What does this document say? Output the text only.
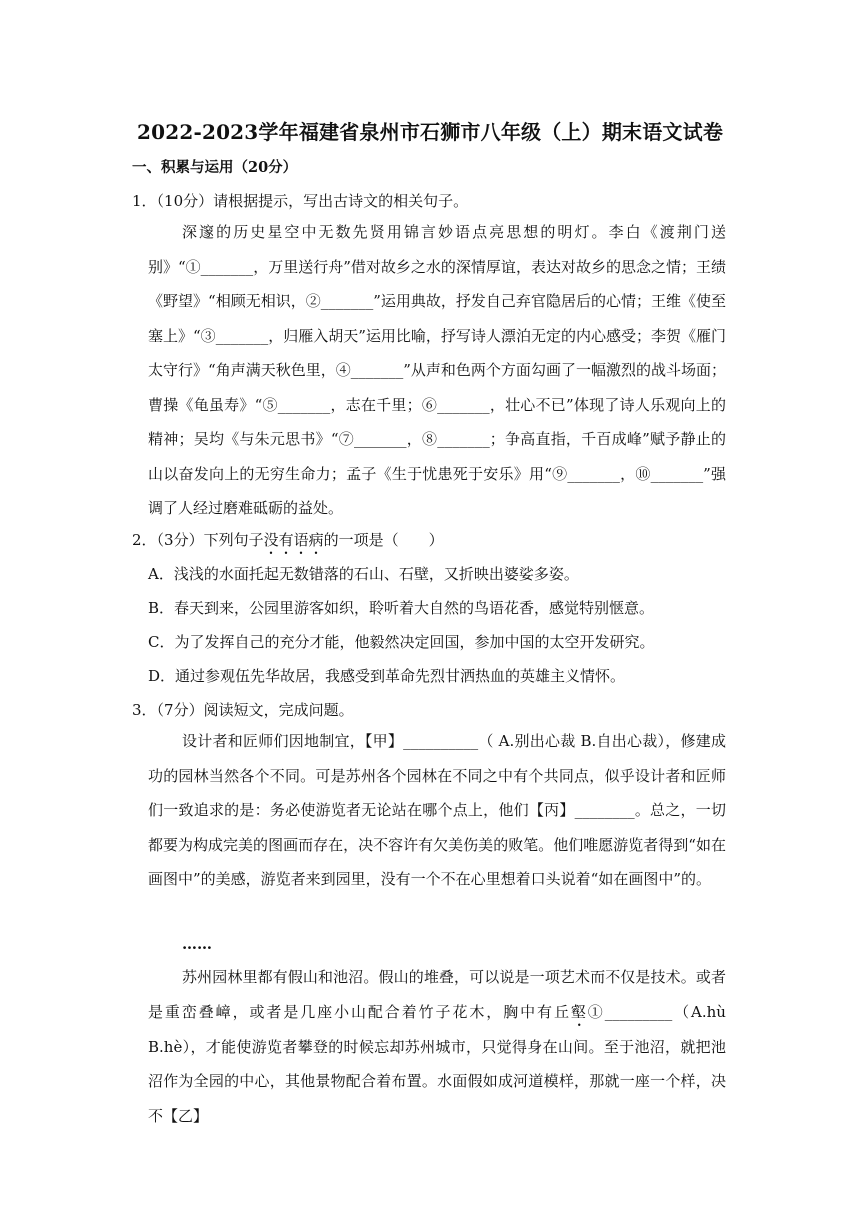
2022-2023学年福建省泉州市石狮市八年级（上）期末语文试卷
一、积累与运用（20分）
1．（10分）请根据提示，写出古诗文的相关句子。
深邃的历史星空中无数先贤用锦言妙语点亮思想的明灯。李白《渡荆门送别》“①_______，万里送行舟”借对故乡之水的深情厚谊，表达对故乡的思念之情；王绩《野望》“相顾无相识，②_______”运用典故，抒发自己弃官隐居后的心情；王维《使至塞上》“③_______，归雁入胡天”运用比喻，抒写诗人漂泊无定的内心感受；李贺《雁门太守行》“角声满天秋色里，④_______”从声和色两个方面勾画了一幅激烈的战斗场面；曹操《龟虽寿》“⑤_______，志在千里；⑥_______，壮心不已”体现了诗人乐观向上的精神；吴均《与朱元思书》“⑦_______，⑧_______；争高直指，千百成峰”赋予静止的山以奋发向上的无穷生命力；孟子《生于忧患死于安乐》用“⑨_______，⑩_______”强调了人经过磨难砥砺的益处。
2．（3分）下列句子没有语病的一项是（　　）
A．浅浅的水面托起无数错落的石山、石壁，又折映出婆娑多姿。
B．春天到来，公园里游客如织，聆听着大自然的鸟语花香，感觉特别惬意。
C．为了发挥自己的充分才能，他毅然决定回国，参加中国的太空开发研究。
D．通过参观伍先华故居，我感受到革命先烈甘洒热血的英雄主义情怀。
3．（7分）阅读短文，完成问题。
设计者和匠师们因地制宜，【甲】__________（ A.别出心裁 B.自出心裁），修建成功的园林当然各个不同。可是苏州各个园林在不同之中有个共同点，似乎设计者和匠师们一致追求的是：务必使游览者无论站在哪个点上，他们【丙】________。总之，一切都要为构成完美的图画而存在，决不容许有欠美伤美的败笔。他们唯愿游览者得到“如在画图中”的美感，游览者来到园里，没有一个不在心里想着口头说着“如在画图中”的。
……
苏州园林里都有假山和池沼。假山的堆叠，可以说是一项艺术而不仅是技术。或者是重峦叠嶂，或者是几座小山配合着竹子花木，胸中有丘壑①_________（A.hù B.hè），才能使游览者攀登的时候忘却苏州城市，只觉得身在山间。至于池沼，就把池沼作为全园的中心，其他景物配合着布置。水面假如成河道模样，那就一座一个样，决不【乙】
